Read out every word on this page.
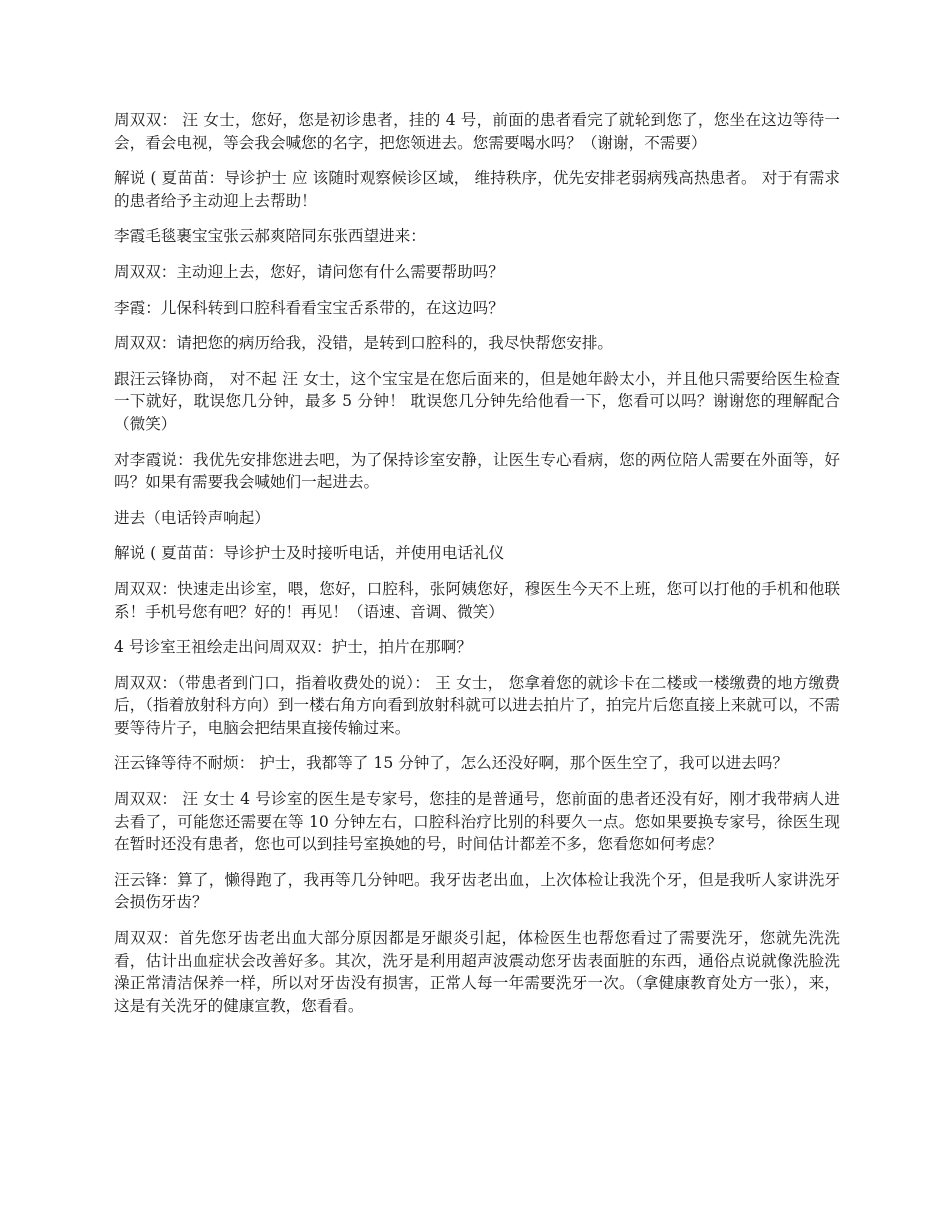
周双双： 汪 女士，您好，您是初诊患者，挂的 4 号，前面的患者看完了就轮到您了，您坐在这边等待一会，看会电视，等会我会喊您的名字，把您领进去。您需要喝水吗？（谢谢，不需要）

解说 ( 夏苗苗：导诊护士 应 该随时观察候诊区域， 维持秩序，优先安排老弱病残高热患者。 对于有需求的患者给予主动迎上去帮助！

李霞毛毯裹宝宝张云郝爽陪同东张西望进来：

周双双：主动迎上去，您好，请问您有什么需要帮助吗？

李霞：儿保科转到口腔科看看宝宝舌系带的，在这边吗？

周双双：请把您的病历给我，没错，是转到口腔科的，我尽快帮您安排。

跟汪云锋协商， 对不起 汪 女士，这个宝宝是在您后面来的，但是她年龄太小，并且他只需要给医生检查一下就好，耽误您几分钟，最多 5 分钟！ 耽误您几分钟先给他看一下，您看可以吗？谢谢您的理解配合（微笑）

对李霞说：我优先安排您进去吧，为了保持诊室安静，让医生专心看病，您的两位陪人需要在外面等，好吗？如果有需要我会喊她们一起进去。

进去（电话铃声响起）

解说 ( 夏苗苗：导诊护士及时接听电话，并使用电话礼仪

周双双：快速走出诊室，喂，您好，口腔科，张阿姨您好，穆医生今天不上班，您可以打他的手机和他联系！手机号您有吧？好的！再见！（语速、音调、微笑）

4 号诊室王祖绘走出问周双双：护士，拍片在那啊？

周双双：（带患者到门口，指着收费处的说）： 王 女士， 您拿着您的就诊卡在二楼或一楼缴费的地方缴费后，（指着放射科方向）到一楼右角方向看到放射科就可以进去拍片了，拍完片后您直接上来就可以，不需要等待片子，电脑会把结果直接传输过来。

汪云锋等待不耐烦： 护士，我都等了 15 分钟了，怎么还没好啊，那个医生空了，我可以进去吗？

周双双： 汪 女士 4 号诊室的医生是专家号，您挂的是普通号，您前面的患者还没有好，刚才我带病人进去看了，可能您还需要在等 10 分钟左右，口腔科治疗比别的科要久一点。您如果要换专家号，徐医生现在暂时还没有患者，您也可以到挂号室换她的号，时间估计都差不多，您看您如何考虑？

汪云锋：算了，懒得跑了，我再等几分钟吧。我牙齿老出血，上次体检让我洗个牙，但是我听人家讲洗牙会损伤牙齿？

周双双：首先您牙齿老出血大部分原因都是牙龈炎引起，体检医生也帮您看过了需要洗牙，您就先洗洗看，估计出血症状会改善好多。其次，洗牙是利用超声波震动您牙齿表面脏的东西，通俗点说就像洗脸洗澡正常清洁保养一样，所以对牙齿没有损害，正常人每一年需要洗牙一次。（拿健康教育处方一张），来，这是有关洗牙的健康宣教，您看看。
